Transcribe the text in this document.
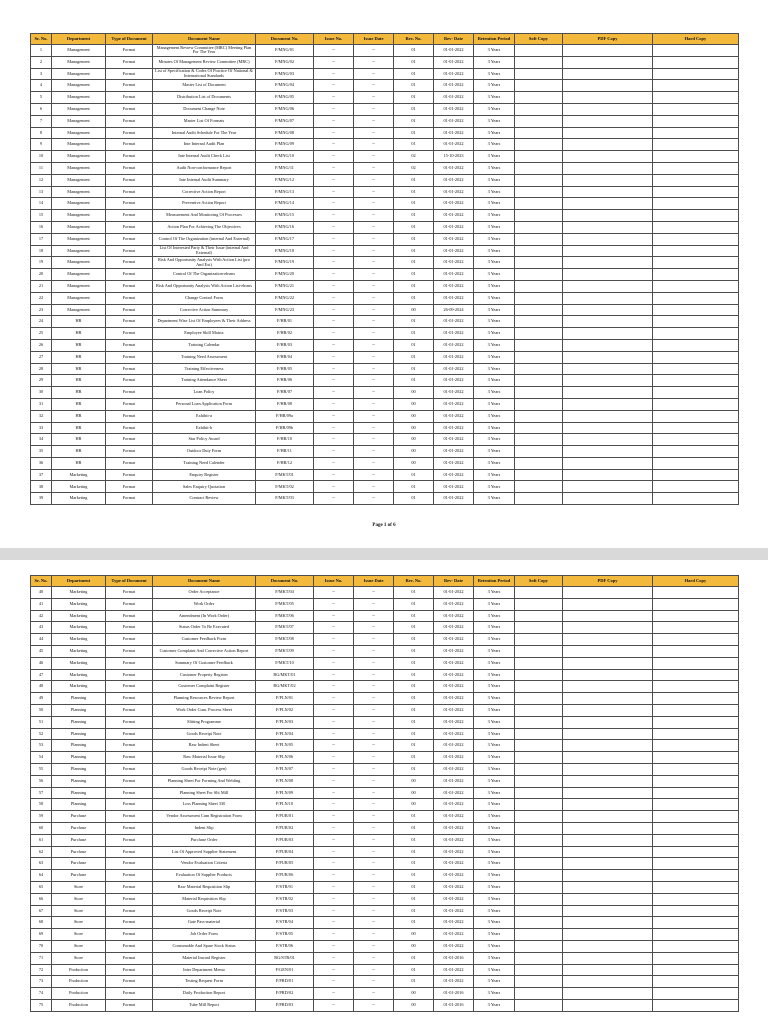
Sr. No.	Department	Type of Document	Document Name	Document No.	Issue No.	Issue Date	Rev. No.	Rev- Date	Retention Period	Soft Copy	PDF Copy	Hard Copy
1	Management	Format	Management Review Committee (MRC) Meeting Plan For The Year	F/MNG/01	--	--	01	01-01-2022	3 Years			
2	Management	Format	Minutes Of Management Review Committee (MRC)	F/MNG/02	--	--	01	01-01-2022	3 Years			
3	Management	Format	List of Specification & Codes Of Practice Of National & International Standards	F/MNG/03	--	--	01	01-01-2022	3 Years			
4	Management	Format	Master List of Document	F/MNG/04	--	--	01	01-01-2022	3 Years			
5	Management	Format	Distribution List of Documents	F/MNG/05	--	--	01	01-01-2022	3 Years			
6	Management	Format	Document Change Note	F/MNG/06	--	--	01	01-01-2022	3 Years			
7	Management	Format	Master List Of Formats	F/MNG/07	--	--	01	01-01-2022	3 Years			
8	Management	Format	Internal Audit Schedule For The Year	F/MNG/08	--	--	01	01-01-2022	3 Years			
9	Management	Format	Inte Internal Audit Plan	F/MNG/09	--	--	01	01-01-2022	3 Years			
10	Management	Format	Inte Internal Audit Check List	F/MNG/10	--	--	02	15-10-2023	3 Years			
11	Management	Format	Audit Non-conformance Report	F/MNG/11	--	--	02	01-01-2022	3 Years			
12	Management	Format	Inte Internal Audit Summary	F/MNG/12	--	--	01	01-01-2022	3 Years			
13	Management	Format	Corrective Action Report	F/MNG/13	--	--	01	01-01-2022	3 Years			
14	Management	Format	Preventive Action Report	F/MNG/14	--	--	01	01-01-2022	3 Years			
15	Management	Format	Measurement And Monitoring Of Processes	F/MNG/15	--	--	01	01-01-2022	3 Years			
16	Management	Format	Action Plan For Achieving The Objectives	F/MNG/16	--	--	01	01-01-2022	3 Years			
17	Management	Format	Control Of The Organization (internal And External)	F/MNG/17	--	--	01	01-01-2022	3 Years			
18	Management	Format	List Of Interested Party & Their Issue (internal And External)	F/MNG/18	--	--	01	01-01-2022	3 Years			
19	Management	Format	Risk And Opportunity Analysis With Action List (pro And Ext)	F/MNG/19	--	--	01	01-01-2022	3 Years			
20	Management	Format	Control Of The Organization-ehsms	F/MNG/20	--	--	01	01-01-2022	3 Years			
21	Management	Format	Risk And Opportunity Analysis With Action List-ehsms	F/MNG/21	--	--	01	01-01-2022	3 Years			
22	Management	Format	Change Control Form	F/MNG/22	--	--	01	01-01-2022	3 Years			
23	Management	Format	Corrective Action Summary	F/MNG/23	--	--	00	26-09-2024	3 Years			
24	HR	Format	Department Wise List Of Employees & Their Address	F/HR/01	--	--	01	01-01-2022	3 Years			
25	HR	Format	Employee Skill Matrix	F/HR/02	--	--	01	01-01-2022	3 Years			
26	HR	Format	Training Calendar	F/HR/03	--	--	01	01-01-2022	3 Years			
27	HR	Format	Training Need Assessment	F/HR/04	--	--	01	01-01-2022	3 Years			
28	HR	Format	Training Effectiveness	F/HR/05	--	--	01	01-01-2022	3 Years			
29	HR	Format	Training Attendance Sheet	F/HR/06	--	--	01	01-01-2022	3 Years			
30	HR	Format	Loan Policy	F/HR/07	--	--	00	01-01-2022	3 Years			
31	HR	Format	Personal Loan Application Form	F/HR/08	--	--	00	01-01-2022	3 Years			
32	HR	Format	Exhibit-a	F/HR/09a	--	--	00	01-01-2022	3 Years			
33	HR	Format	Exhibit-b	F/HR/09b	--	--	00	01-01-2022	3 Years			
34	HR	Format	Star Policy Award	F/HR/10	--	--	00	01-01-2022	3 Years			
35	HR	Format	Outdoor Duty Form	F/HR/11	--	--	00	01-01-2022	3 Years			
36	HR	Format	Training Need Calender	F/HR/12	--	--	00	01-01-2022	3 Years			
37	Marketing	Format	Enquiry Register	F/MKT/01	--	--	01	01-01-2022	3 Years			
38	Marketing	Format	Sales Enquiry Quotation	F/MKT/02	--	--	01	01-01-2022	3 Years			
39	Marketing	Format	Contract Review	F/MKT/03	--	--	01	01-01-2022	3 Years			
Page 1 of 6
Sr. No.	Department	Type of Document	Document Name	Document No.	Issue No.	Issue Date	Rev. No.	Rev- Date	Retention Period	Soft Copy	PDF Copy	Hard Copy
40	Marketing	Format	Order Acceptance	F/MKT/04	--	--	01	01-01-2022	3 Years			
41	Marketing	Format	Work Order	F/MKT/05	--	--	01	01-01-2022	3 Years			
42	Marketing	Format	Amendment (In Work Order)	F/MKT/06	--	--	01	01-01-2022	3 Years			
43	Marketing	Format	Status Order To Be Executed	F/MKT/07	--	--	01	01-01-2022	3 Years			
44	Marketing	Format	Customer Feedback Form	F/MKT/08	--	--	01	01-01-2022	3 Years			
45	Marketing	Format	Customer Complaint And Corrective Action Report	F/MKT/09	--	--	01	01-01-2022	3 Years			
46	Marketing	Format	Summary Of Customer Feedback	F/MKT/10	--	--	01	01-01-2022	3 Years			
47	Marketing	Format	Customer Property Register	RG/MKT/01	--	--	01	01-01-2022	3 Years			
48	Marketing	Format	Customer Complaint Register	RG/MKT/02	--	--	01	01-01-2022	3 Years			
49	Planning	Format	Planning Resources Review Report	F/PLN/01	--	--	01	01-01-2022	3 Years			
50	Planning	Format	Work Order Cum. Process Sheet	F/PLN/02	--	--	01	01-01-2022	3 Years			
51	Planning	Format	Slitting Programme	F/PLN/03	--	--	01	01-01-2022	3 Years			
52	Planning	Format	Goods Receipt Note	F/PLN/04	--	--	01	01-01-2022	3 Years			
53	Planning	Format	Raw Indent Sheet	F/PLN/05	--	--	01	01-01-2022	3 Years			
54	Planning	Format	Raw Material Issue Slip	F/PLN/06	--	--	01	01-01-2022	3 Years			
55	Planning	Format	Goods Receipt Note (gen)	F/PLN/07	--	--	01	01-01-2022	3 Years			
56	Planning	Format	Planning Sheet For Forming And Welding	F/PLN/08	--	--	00	01-01-2022	3 Years			
57	Planning	Format	Planning Sheet For Slit Mill	F/PLN/09	--	--	00	01-01-2022	3 Years			
58	Planning	Format	Loss Planning Sheet 330	F/PLN/10	--	--	00	01-01-2022	3 Years			
59	Purchase	Format	Vendor Assessment Cum Registration Form	F/PUR/01	--	--	01	01-01-2022	3 Years			
60	Purchase	Format	Indent Slip	F/PUR/02	--	--	01	01-01-2022	3 Years			
61	Purchase	Format	Purchase Order	F/PUR/03	--	--	01	01-01-2022	3 Years			
62	Purchase	Format	List Of Approved Supplier Statement	F/PUR/04	--	--	01	01-01-2022	3 Years			
63	Purchase	Format	Vendor Evaluation Criteria	F/PUR/05	--	--	01	01-01-2022	3 Years			
64	Purchase	Format	Evaluation Of Supplier Products	F/PUR/06	--	--	01	01-01-2022	3 Years			
65	Store	Format	Raw Material Requisition Slip	F/STR/01	--	--	01	01-01-2022	3 Years			
66	Store	Format	Material Requisition Slip	F/STR/02	--	--	01	01-01-2022	3 Years			
67	Store	Format	Goods Receipt Note	F/STR/03	--	--	01	01-01-2022	3 Years			
68	Store	Format	Gate Pass-material	F/STR/04	--	--	01	01-01-2022	3 Years			
69	Store	Format	Job Order Form	F/STR/05	--	--	00	01-01-2022	3 Years			
70	Store	Format	Consumable And Spare Stock Status	F/STR/06	--	--	00	01-01-2022	3 Years			
71	Store	Format	Material Inward Register	RG/STR/01	--	--	01	01-01-2016	3 Years			
72	Production	Format	Inter Department Memo	F/GEN/01	--	--	01	01-01-2022	3 Years			
73	Production	Format	Testing Request Form	F/PRD/01	--	--	01	01-01-2022	3 Years			
74	Production	Format	Daily Production Report	F/PRD/02	--	--	00	01-01-2016	3 Years			
75	Production	Format	Tube Mill Report	F/PRD/03	--	--	00	01-01-2016	3 Years			
